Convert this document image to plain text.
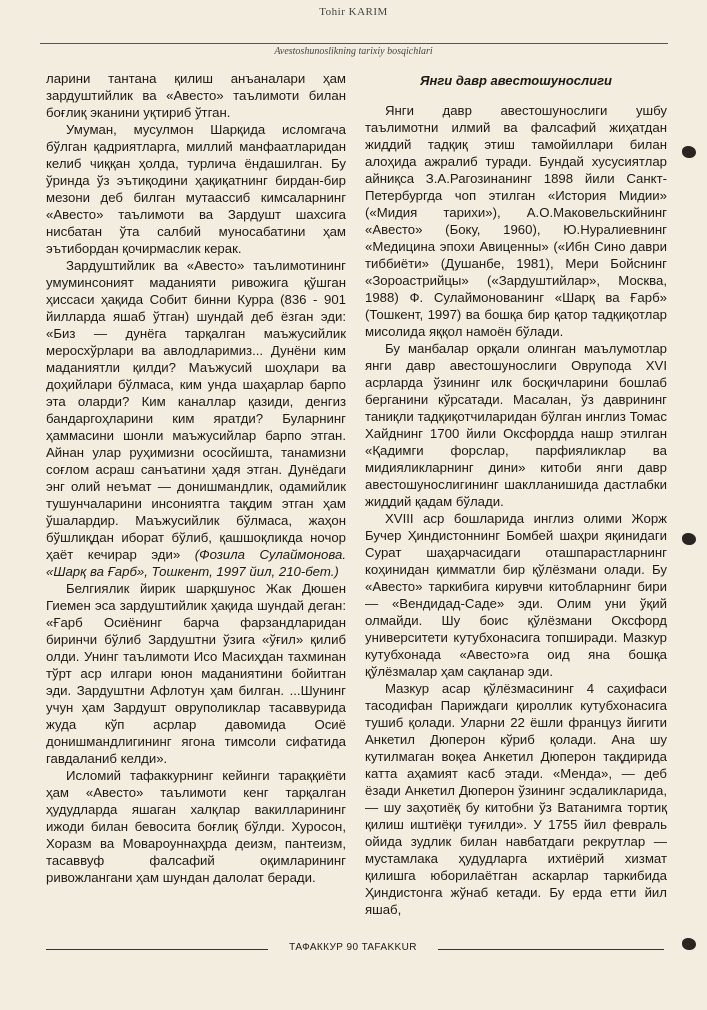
Tohir KARIM
Avestoshunoslikning tarixiy bosqichlari

ларини тантана қилиш анъаналари ҳам зардуштийлик ва «Авесто» таълимоти билан боғлиқ эканини уқтириб ўтган.

Умуман, мусулмон Шарқида исломгача бўлган қадриятларга, миллий манфаатларидан келиб чиққан ҳолда, турлича ёндашилган. Бу ўринда ўз эътиқодини ҳақиқатнинг бирдан-бир мезони деб билган мутаассиб кимсаларнинг «Авесто» таълимоти ва Зардушт шахсига нисбатан ўта салбий муносабатини ҳам эътибордан қочирмаслик керак.

Зардуштийлик ва «Авесто» таълимотининг умуминсоният маданияти ривожига қўшган ҳиссаси ҳақида Собит бинни Курра (836 - 901 йилларда яшаб ўтган) шундай деб ёзган эди: «Биз — дунёга тарқалган маъжусийлик меросхўрлари ва авлодларимиз... Дунёни ким маданиятли қилди? Маъжусий шоҳлари ва доҳийлари бўлмаса, ким унда шаҳарлар барпо эта оларди? Ким каналлар қазиди, денгиз бандаргоҳларини ким яратди? Буларнинг ҳаммасини шонли маъжусийлар барпо этган. Айнан улар руҳимизни ососйишта, танамизни соғлом асраш санъатини ҳадя этган. Дунёдаги энг олий неъмат — донишмандлик, одамийлик тушунчаларини инсониятга тақдим этган ҳам ўшалардир. Маъжусийлик бўлмаса, жаҳон бўшлиқдан иборат бўлиб, қашшоқликда ночор ҳаёт кечирар эди» (Фозила Сулаймонова. «Шарқ ва Ғарб», Тошкент, 1997 йил, 210-бет.)

Белгиялик йирик шарқшунос Жак Дюшен Гиемен эса зардуштийлик ҳақида шундай деган: «Ғарб Осиёнинг барча фарзандларидан биринчи бўлиб Зардуштни ўзига «ўғил» қилиб олди. Унинг таълимоти Исо Масиҳдан тахминан тўрт аср илгари юнон маданиятини бойитган эди. Зардуштни Афлотун ҳам билган. ...Шунинг учун ҳам Зардушт овруполиклар тасаввурида жуда кўп асрлар давомида Осиё донишмандлигининг ягона тимсоли сифатида гавдаланиб келди».

Исломий тафаккурнинг кейинги тараққиёти ҳам «Авесто» таълимоти кенг тарқалган ҳудудларда яшаган халқлар вакилларининг ижоди билан бевосита боғлиқ бўлди. Хуросон, Хоразм ва Мовароуннаҳрда деизм, пантеизм, тасаввуф фалсафий оқимларининг ривожлангани ҳам шундан далолат беради.

Янги давр авестошунослиги

Янги давр авестошунослиги ушбу таълимотни илмий ва фалсафий жиҳатдан жиддий тадқиқ этиш тамойиллари билан алоҳида ажралиб туради. Бундай хусусиятлар айниқса З.А.Рагозинанинг 1898 йили Санкт-Петербургда чоп этилган «История Мидии» («Мидия тарихи»), А.О.Маковельскийнинг «Авесто» (Боку, 1960), Ю.Нуралиевнинг «Медицина эпохи Авиценны» («Ибн Сино даври тиббиёти» (Душанбе, 1981), Мери Бойснинг «Зороастрийцы» («Зардуштийлар», Москва, 1988) Ф. Сулаймонованинг «Шарқ ва Ғарб» (Тошкент, 1997) ва бошқа бир қатор тадқиқотлар мисолида яққол намоён бўлади.

Бу манбалар орқали олинган маълумотлар янги давр авестошунослиги Оврупода XVI асрларда ўзининг илк босқичларини бошлаб берганини кўрсатади. Масалан, ўз даврининг таниқли тадқиқотчиларидан бўлган инглиз Томас Хайднинг 1700 йили Оксфордда нашр этилган «Қадимги форслар, парфияликлар ва мидияликларнинг дини» китоби янги давр авестошунослигининг шаклланишида дастлабки жиддий қадам бўлади.

XVIII аср бошларида инглиз олими Жорж Бучер Ҳиндистоннинг Бомбей шаҳри яқинидаги Сурат шаҳарчасидаги оташпарастларнинг коҳинидан қимматли бир қўлёзмани олади. Бу «Авесто» таркибига кирувчи китобларнинг бири — «Вендидад-Саде» эди. Олим уни ўқий олмайди. Шу боис қўлёзмани Оксфорд университети кутубхонасига топширади. Мазкур кутубхонада «Авесто»га оид яна бошқа қўлёзмалар ҳам сақланар эди.

Мазкур асар қўлёзмасининг 4 саҳифаси тасодифан Париждаги қироллик кутубхонасига тушиб қолади. Уларни 22 ёшли француз йигити Анкетил Дюперон кўриб қолади. Ана шу кутилмаган воқеа Анкетил Дюперон тақдирида катта аҳамият касб этади. «Менда», — деб ёзади Анкетил Дюперон ўзининг эсдаликларида, — шу заҳотиёқ бу китобни ўз Ватанимга тортиқ қилиш иштиёқи туғилди». У 1755 йил февраль ойида зудлик билан навбатдаги рекрутлар — мустамлака ҳудудларга ихтиёрий хизмат қилишга юборилаётган аскарлар таркибида Ҳиндистонга жўнаб кетади. Бу ерда етти йил яшаб,

ТАФАККУР 90 TAFAKKUR
